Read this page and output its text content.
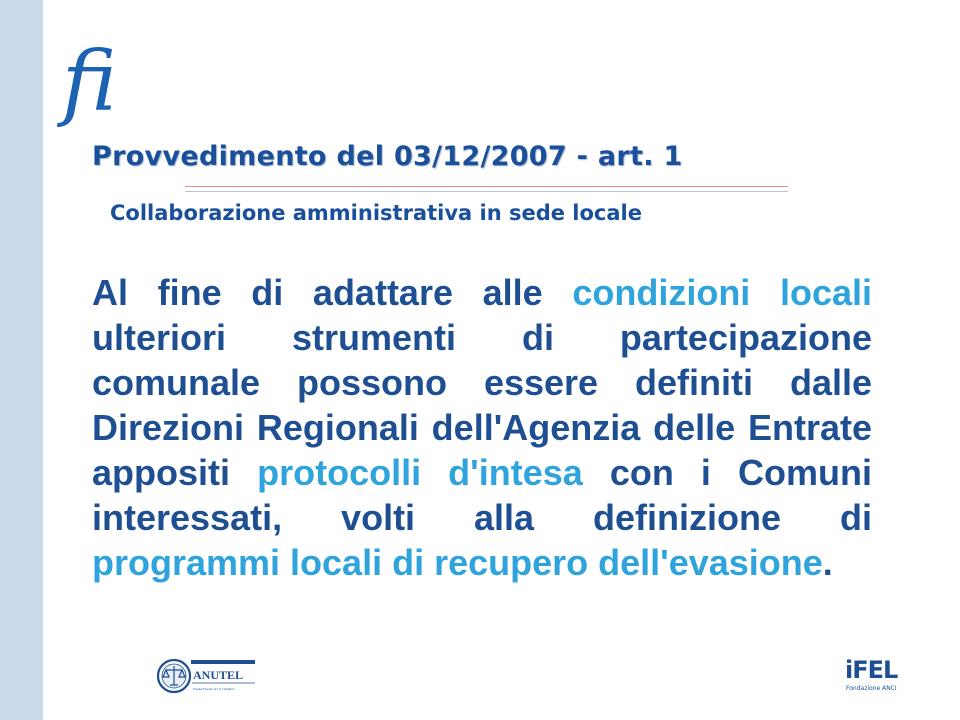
fi
Provvedimento del 03/12/2007 - art. 1
Collaborazione amministrativa in sede locale

Al fine di adattare alle condizioni locali ulteriori strumenti di partecipazione comunale possono essere definiti dalle Direzioni Regionali dell'Agenzia delle Entrate appositi protocolli d'intesa con i Comuni interessati, volti alla definizione di programmi locali di recupero dell'evasione.

ANUTEL
Equità Fiscale per il Cittadino
iFEL
Fondazione ANCI
